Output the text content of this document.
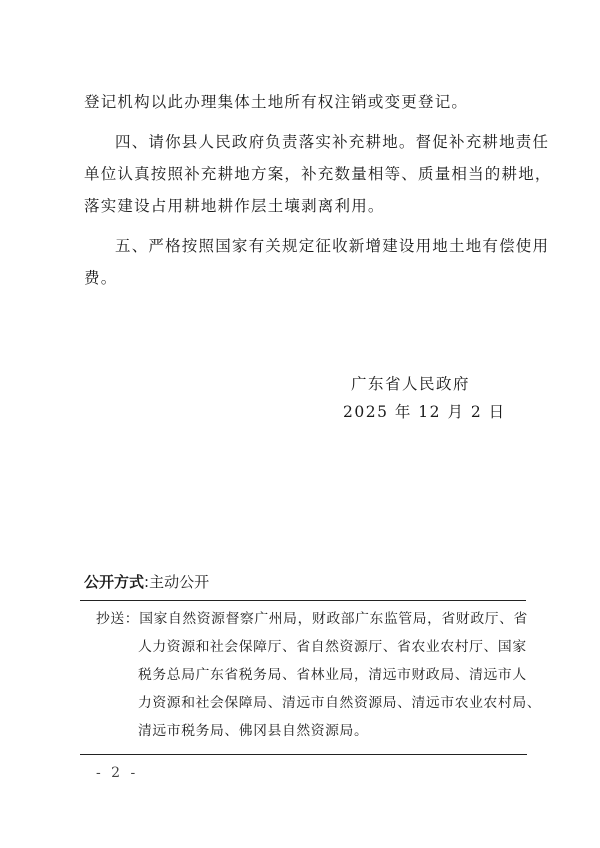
登记机构以此办理集体土地所有权注销或变更登记。
四、请你县人民政府负责落实补充耕地。督促补充耕地责任
单位认真按照补充耕地方案，补充数量相等、质量相当的耕地，
落实建设占用耕地耕作层土壤剥离利用。
五、严格按照国家有关规定征收新增建设用地土地有偿使用
费。
广东省人民政府
2025 年 12 月 2 日
公开方式:主动公开
抄送：国家自然资源督察广州局，财政部广东监管局，省财政厅、省
人力资源和社会保障厅、省自然资源厅、省农业农村厅、国家
税务总局广东省税务局、省林业局，清远市财政局、清远市人
力资源和社会保障局、清远市自然资源局、清远市农业农村局、
清远市税务局、佛冈县自然资源局。
- 2 -
